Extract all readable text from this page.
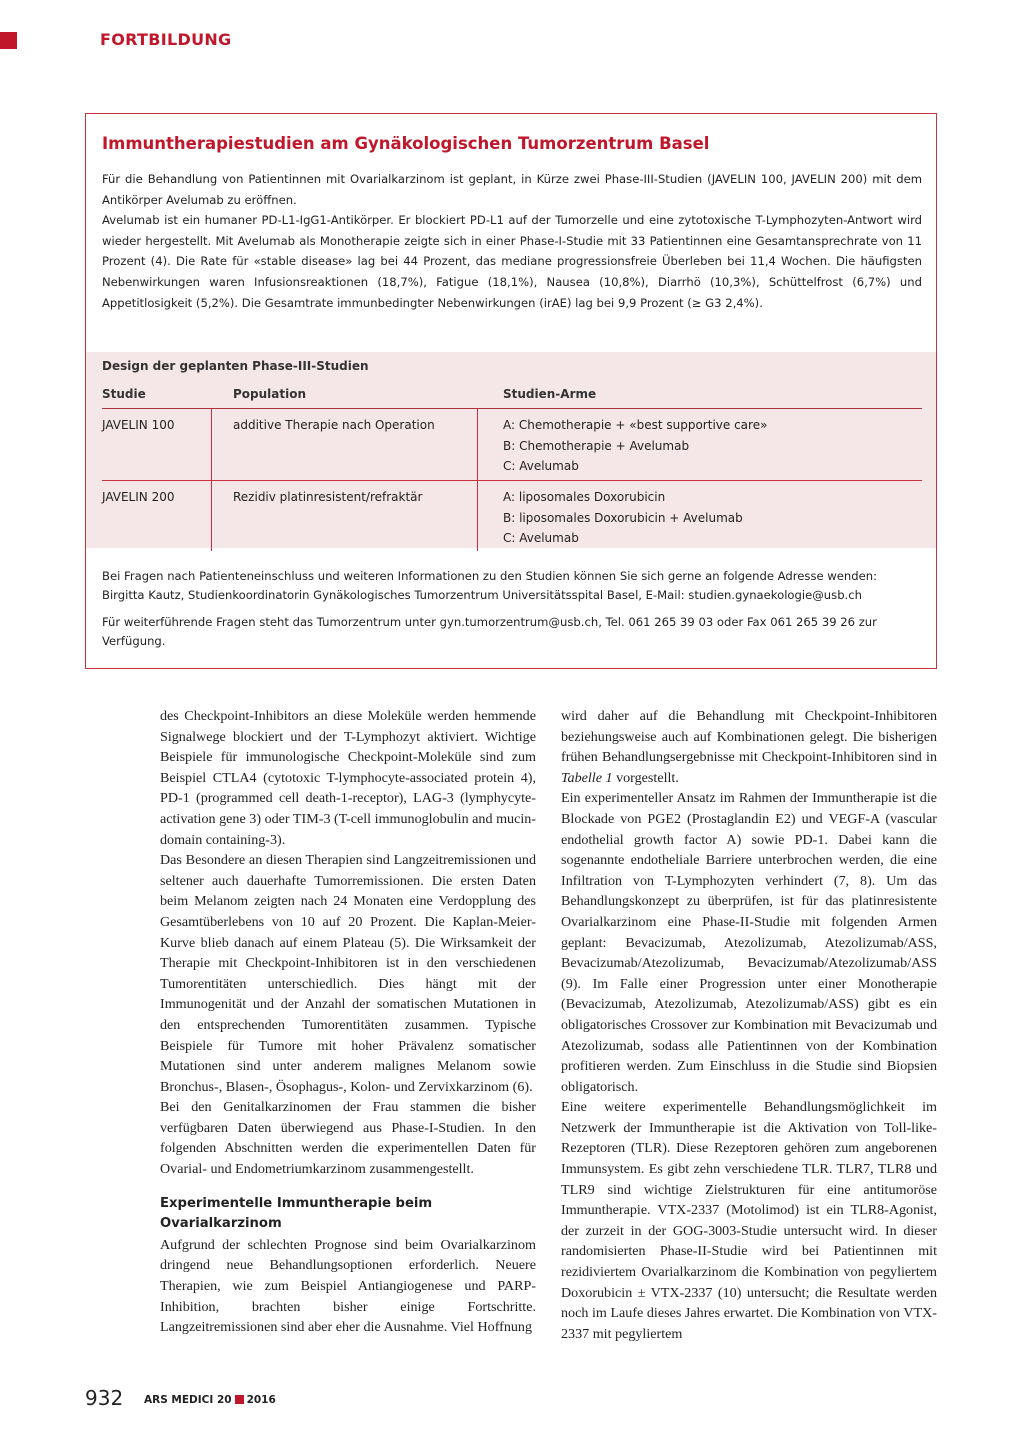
FORTBILDUNG
Immuntherapiestudien am Gynäkologischen Tumorzentrum Basel

Für die Behandlung von Patientinnen mit Ovarialkarzinom ist geplant, in Kürze zwei Phase-III-Studien (JAVELIN 100, JAVELIN 200) mit dem Antikörper Avelumab zu eröffnen.

Avelumab ist ein humaner PD-L1-IgG1-Antikörper. Er blockiert PD-L1 auf der Tumorzelle und eine zytotoxische T-Lymphozyten-Antwort wird wieder hergestellt. Mit Avelumab als Monotherapie zeigte sich in einer Phase-I-Studie mit 33 Patientinnen eine Gesamtansprechrate von 11 Prozent (4). Die Rate für «stable disease» lag bei 44 Prozent, das mediane progressionsfreie Überleben bei 11,4 Wochen. Die häufigsten Nebenwirkungen waren Infusionsreaktionen (18,7%), Fatigue (18,1%), Nausea (10,8%), Diarrhö (10,3%), Schüttelfrost (6,7%) und Appetitlosigkeit (5,2%). Die Gesamtrate immunbedingter Nebenwirkungen (irAE) lag bei 9,9 Prozent (≥ G3 2,4%).

Design der geplanten Phase-III-Studien
Studie	Population	Studien-Arme
JAVELIN 100	additive Therapie nach Operation	A: Chemotherapie + «best supportive care»
B: Chemotherapie + Avelumab
C: Avelumab
JAVELIN 200	Rezidiv platinresistent/refraktär	A: liposomales Doxorubicin
B: liposomales Doxorubicin + Avelumab
C: Avelumab

Bei Fragen nach Patienteneinschluss und weiteren Informationen zu den Studien können Sie sich gerne an folgende Adresse wenden: Birgitta Kautz, Studienkoordinatorin Gynäkologisches Tumorzentrum Universitätsspital Basel, E-Mail: studien.gynaekologie@usb.ch

Für weiterführende Fragen steht das Tumorzentrum unter gyn.tumorzentrum@usb.ch, Tel. 061 265 39 03 oder Fax 061 265 39 26 zur Verfügung.

des Checkpoint-Inhibitors an diese Moleküle werden hemmende Signalwege blockiert und der T-Lymphozyt aktiviert. Wichtige Beispiele für immunologische Checkpoint-Moleküle sind zum Beispiel CTLA4 (cytotoxic T-lymphocyte-associated protein 4), PD-1 (programmed cell death-1-receptor), LAG-3 (lymphycyte-activation gene 3) oder TIM-3 (T-cell immunoglobulin and mucin-domain containing-3).

Das Besondere an diesen Therapien sind Langzeitremissionen und seltener auch dauerhafte Tumorremissionen. Die ersten Daten beim Melanom zeigten nach 24 Monaten eine Verdopplung des Gesamtüberlebens von 10 auf 20 Prozent. Die Kaplan-Meier-Kurve blieb danach auf einem Plateau (5). Die Wirksamkeit der Therapie mit Checkpoint-Inhibitoren ist in den verschiedenen Tumorentitäten unterschiedlich. Dies hängt mit der Immunogenität und der Anzahl der somatischen Mutationen in den entsprechenden Tumorentitäten zusammen. Typische Beispiele für Tumore mit hoher Prävalenz somatischer Mutationen sind unter anderem malignes Melanom sowie Bronchus-, Blasen-, Ösophagus-, Kolon- und Zervixkarzinom (6).

Bei den Genitalkarzinomen der Frau stammen die bisher verfügbaren Daten überwiegend aus Phase-I-Studien. In den folgenden Abschnitten werden die experimentellen Daten für Ovarial- und Endometriumkarzinom zusammengestellt.

Experimentelle Immuntherapie beim Ovarialkarzinom

Aufgrund der schlechten Prognose sind beim Ovarialkarzinom dringend neue Behandlungsoptionen erforderlich. Neuere Therapien, wie zum Beispiel Antiangiogenese und PARP-Inhibition, brachten bisher einige Fortschritte. Langzeitremissionen sind aber eher die Ausnahme. Viel Hoffnung

wird daher auf die Behandlung mit Checkpoint-Inhibitoren beziehungsweise auch auf Kombinationen gelegt. Die bisherigen frühen Behandlungsergebnisse mit Checkpoint-Inhibitoren sind in Tabelle 1 vorgestellt.

Ein experimenteller Ansatz im Rahmen der Immuntherapie ist die Blockade von PGE2 (Prostaglandin E2) und VEGF-A (vascular endothelial growth factor A) sowie PD-1. Dabei kann die sogenannte endotheliale Barriere unterbrochen werden, die eine Infiltration von T-Lymphozyten verhindert (7, 8). Um das Behandlungskonzept zu überprüfen, ist für das platinresistente Ovarialkarzinom eine Phase-II-Studie mit folgenden Armen geplant: Bevacizumab, Atezolizumab, Atezolizumab/ASS, Bevacizumab/Atezolizumab, Bevacizumab/Atezolizumab/ASS (9). Im Falle einer Progression unter einer Monotherapie (Bevacizumab, Atezolizumab, Atezolizumab/ASS) gibt es ein obligatorisches Crossover zur Kombination mit Bevacizumab und Atezolizumab, sodass alle Patientinnen von der Kombination profitieren werden. Zum Einschluss in die Studie sind Biopsien obligatorisch.

Eine weitere experimentelle Behandlungsmöglichkeit im Netzwerk der Immuntherapie ist die Aktivation von Toll-like-Rezeptoren (TLR). Diese Rezeptoren gehören zum angeborenen Immunsystem. Es gibt zehn verschiedene TLR. TLR7, TLR8 und TLR9 sind wichtige Zielstrukturen für eine antitumoröse Immuntherapie. VTX-2337 (Motolimod) ist ein TLR8-Agonist, der zurzeit in der GOG-3003-Studie untersucht wird. In dieser randomisierten Phase-II-Studie wird bei Patientinnen mit rezidiviertem Ovarialkarzinom die Kombination von pegyliertem Doxorubicin ± VTX-2337 (10) untersucht; die Resultate werden noch im Laufe dieses Jahres erwartet. Die Kombination von VTX-2337 mit pegyliertem

932 ARS MEDICI 20 2016
